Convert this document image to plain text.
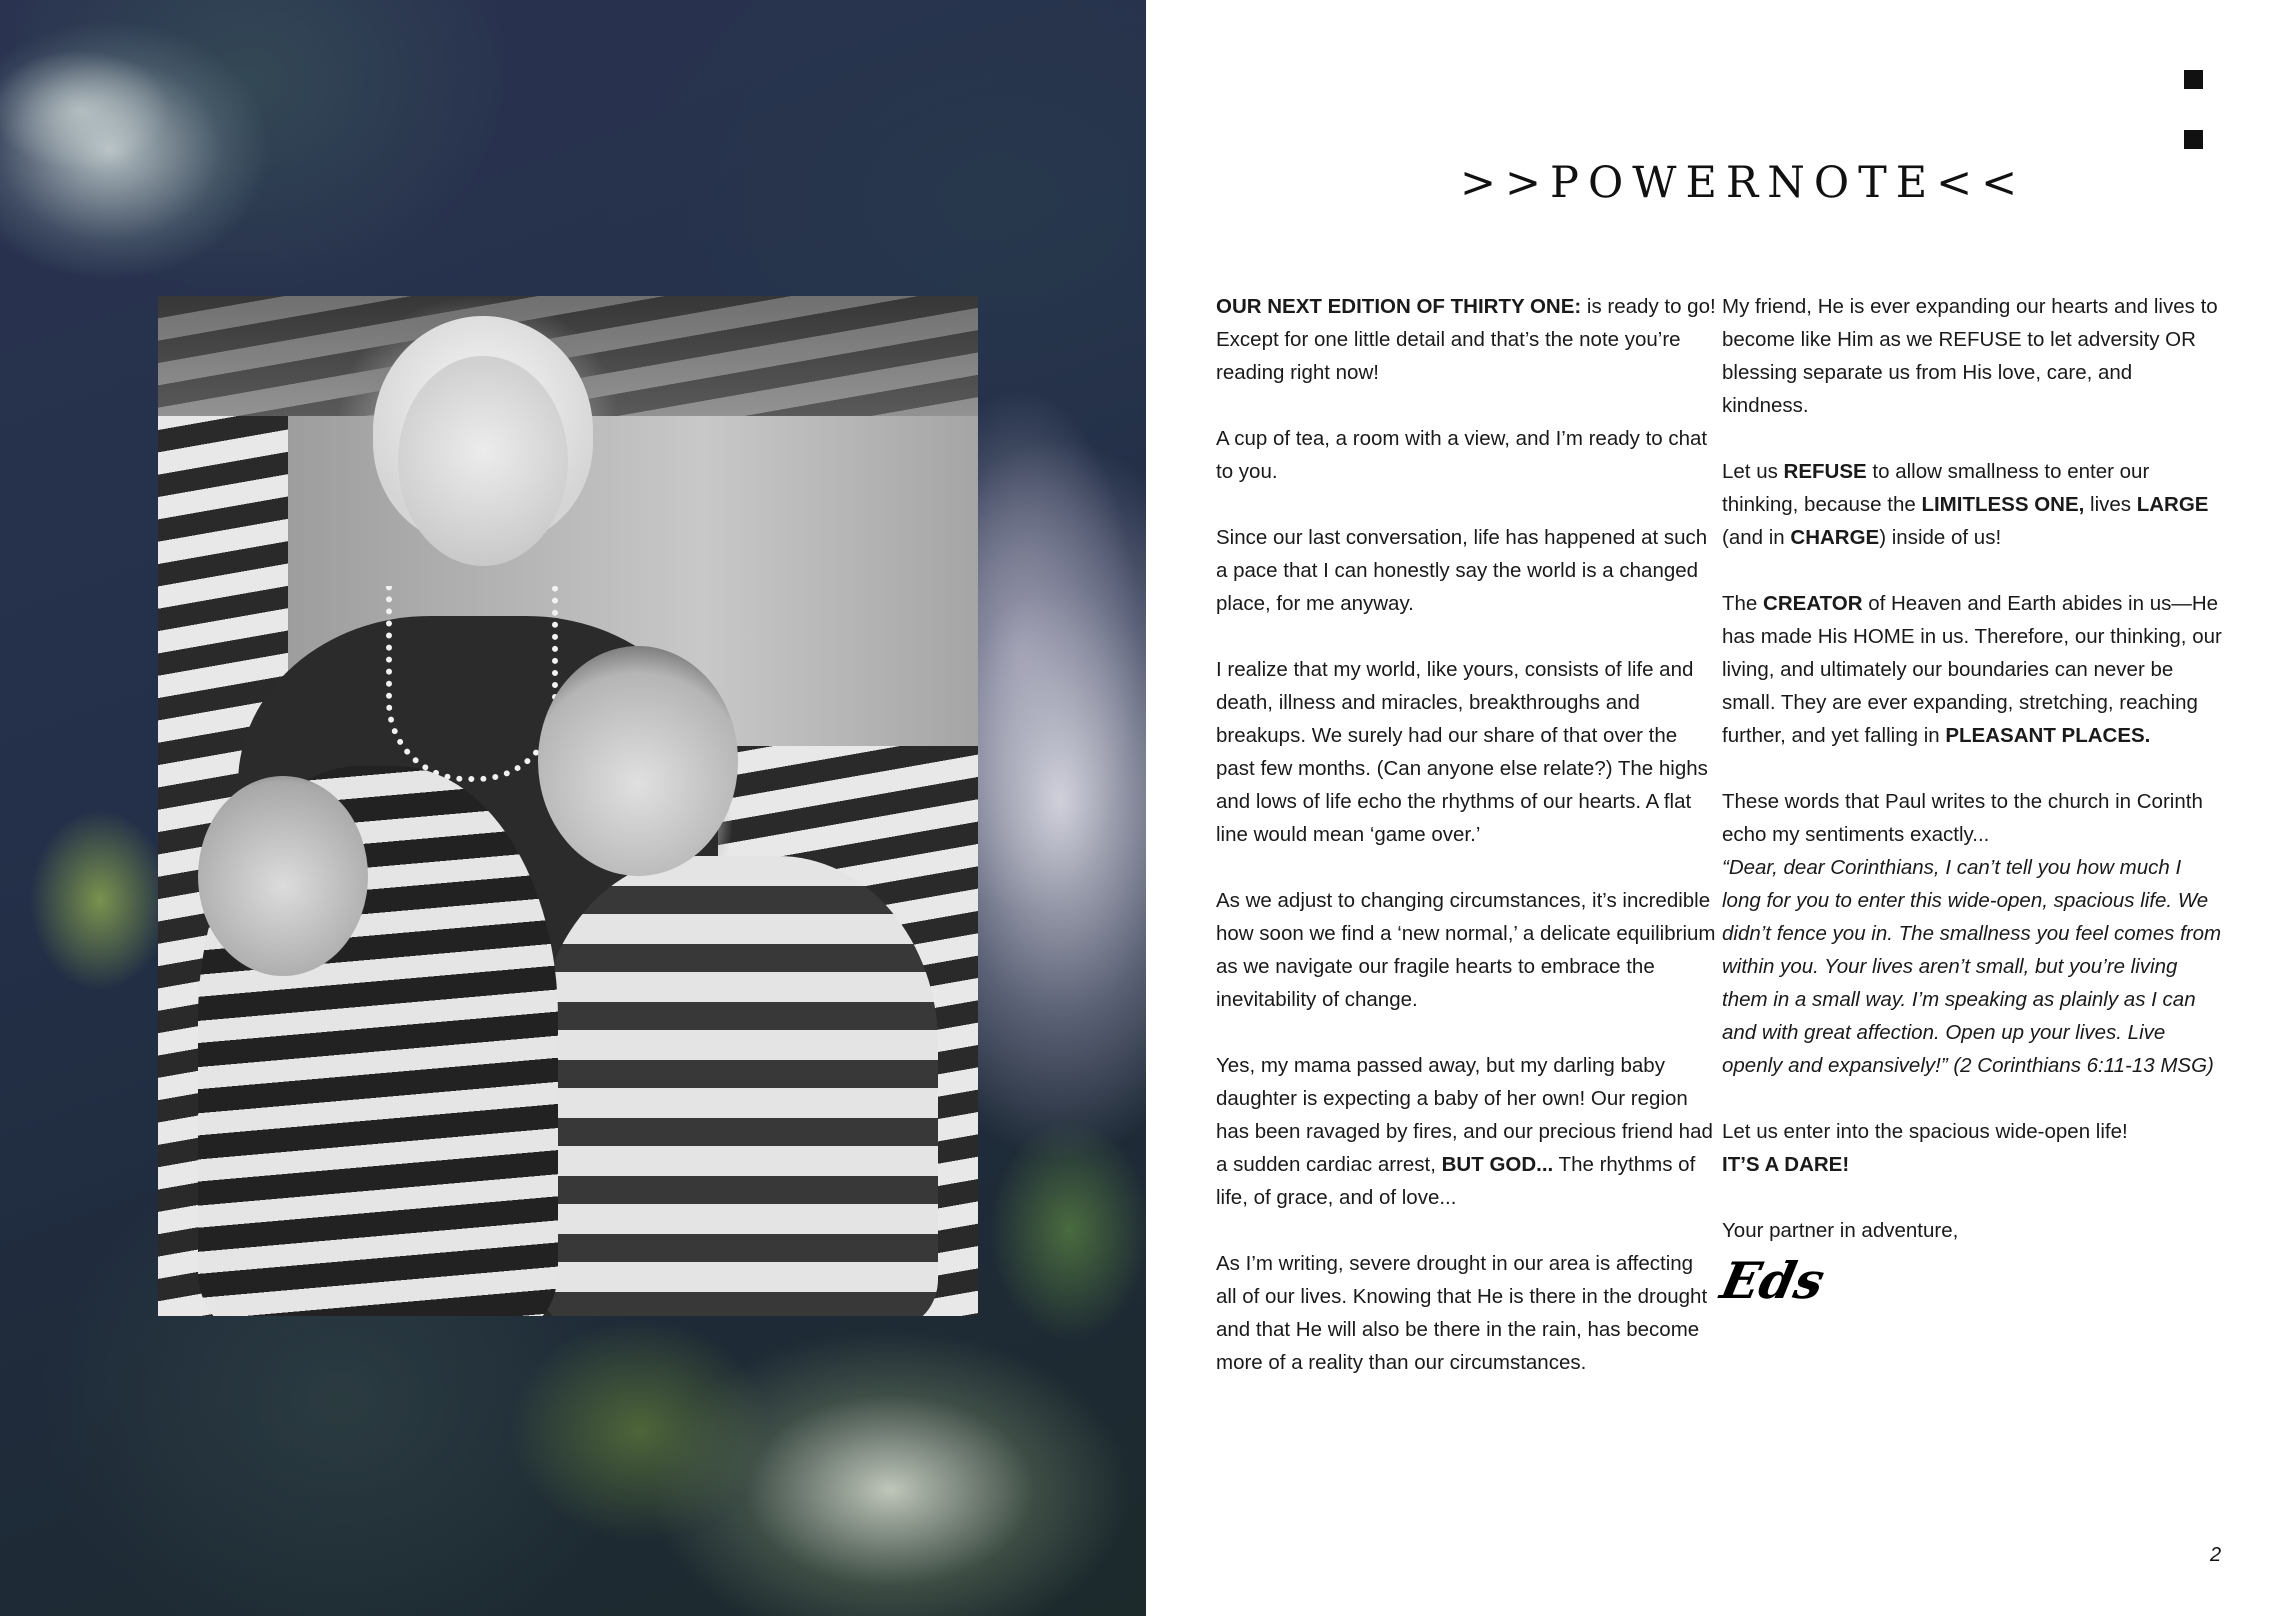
>>POWERNOTE<<

OUR NEXT EDITION OF THIRTY ONE: is ready to go! Except for one little detail and that’s the note you’re reading right now!

A cup of tea, a room with a view, and I’m ready to chat to you.

Since our last conversation, life has happened at such a pace that I can honestly say the world is a changed place, for me anyway.

I realize that my world, like yours, consists of life and death, illness and miracles, breakthroughs and breakups. We surely had our share of that over the past few months. (Can anyone else relate?) The highs and lows of life echo the rhythms of our hearts. A flat line would mean ‘game over.’

As we adjust to changing circumstances, it’s incredible how soon we find a ‘new normal,’ a delicate equilibrium as we navigate our fragile hearts to embrace the inevitability of change.

Yes, my mama passed away, but my darling baby daughter is expecting a baby of her own! Our region has been ravaged by fires, and our precious friend had a sudden cardiac arrest, BUT GOD... The rhythms of life, of grace, and of love...

As I’m writing, severe drought in our area is affecting all of our lives. Knowing that He is there in the drought and that He will also be there in the rain, has become more of a reality than our circumstances.

My friend, He is ever expanding our hearts and lives to become like Him as we REFUSE to let adversity OR blessing separate us from His love, care, and kindness.

Let us REFUSE to allow smallness to enter our thinking, because the LIMITLESS ONE, lives LARGE (and in CHARGE) inside of us!

The CREATOR of Heaven and Earth abides in us—He has made His HOME in us. Therefore, our thinking, our living, and ultimately our boundaries can never be small. They are ever expanding, stretching, reaching further, and yet falling in PLEASANT PLACES.

These words that Paul writes to the church in Corinth echo my sentiments exactly...
“Dear, dear Corinthians, I can’t tell you how much I long for you to enter this wide-open, spacious life. We didn’t fence you in. The smallness you feel comes from within you. Your lives aren’t small, but you’re living them in a small way. I’m speaking as plainly as I can and with great affection. Open up your lives. Live openly and expansively!” (2 Corinthians 6:11-13 MSG)

Let us enter into the spacious wide-open life!
IT’S A DARE!

Your partner in adventure,

Eds
2
